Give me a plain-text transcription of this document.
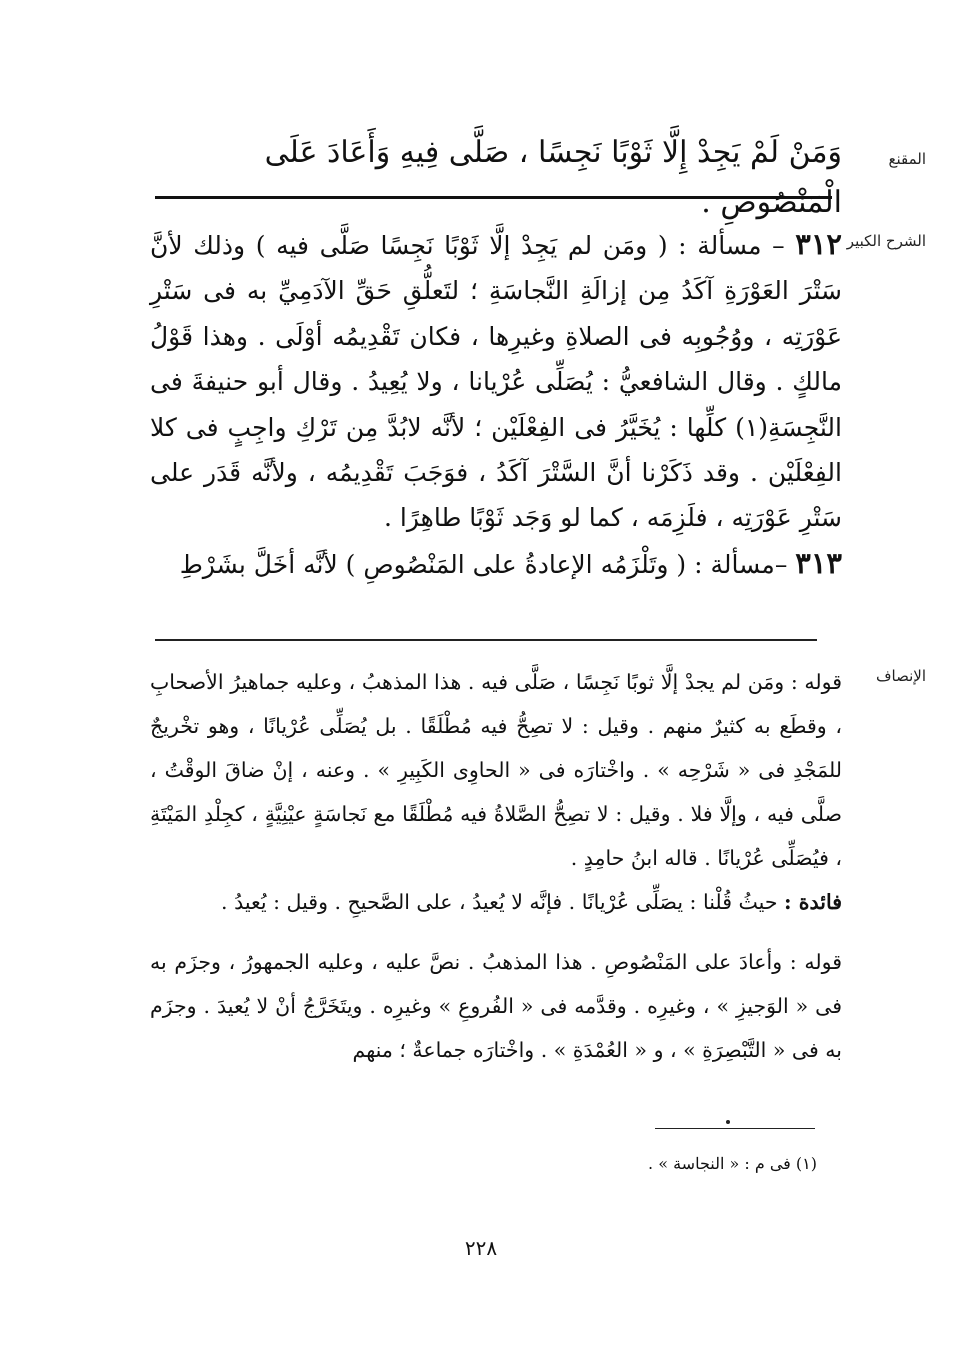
المقنع
وَمَنْ لَمْ يَجِدْ إِلَّا ثَوْبًا نَجِسًا ، صَلَّى فِيهِ وَأَعَادَ عَلَى الْمَنْصُوصِ .
الشرح الكبير
٣١٢ – مسألة : ( ومَن لم يَجِدْ إلَّا ثَوْبًا نَجِسًا صَلَّى فيه ) وذلك لأنَّ سَتْرَ العَوْرَةِ آكَدُ مِن إزالَةِ النَّجاسَةِ ؛ لتَعلُّقِ حَقِّ الآدَمِيِّ به فى سَتْرِ عَوْرَتِه ، ووُجُوبِه فى الصلاةِ وغيرِها ، فكان تَقْدِيمُه أوْلَى . وهذا قَوْلُ مالكٍ . وقال الشافعيُّ : يُصَلِّى عُرْيانا ، ولا يُعِيدُ . وقال أبو حنيفةَ فى النَّجِسَةِ(١) كلِّها : يُخَيَّرُ فى الفِعْلَيْن ؛ لأنَّه لابُدَّ مِن تَرْكِ واجِبٍ فى كلا الفِعْلَيْن . وقد ذَكَرْنا أنَّ السَّتْرَ آكَدُ ، فوَجَبَ تَقْدِيمُه ، ولأنَّه قَدَر على سَتْرِ عَوْرَتِه ، فلَزِمَه ، كما لو وَجَد ثَوْبًا طاهِرًا .
٣١٣ –مسألة : ( وتَلْزَمُه الإعادةُ على المَنْصُوصِ ) لأنَّه أخَلَّ بشَرْطِ
الإنصاف

قوله : ومَن لم يجدْ إلَّا ثوبًا نَجِسًا ، صَلَّى فيه . هذا المذهبُ ، وعليه جماهيرُ الأصحابِ ، وقطَع به كثيرٌ منهم . وقيل : لا تصِحُّ فيه مُطْلَقًا . بل يُصَلِّى عُرْيانًا ، وهو تخْريجٌ للمَجْدِ فى « شَرْحِه » . واخْتارَه فى « الحاوِى الكَبِيرِ » . وعنه ، إنْ ضاقَ الوقْتُ ، صلَّى فيه ، وإلَّا فلا . وقيل : لا تصِحُّ الصَّلاةُ فيه مُطْلَقًا مع نَجاسَةٍ عيْنِيَّةٍ ، كجِلْدِ المَيْتَةِ ، فيُصَلِّى عُرْيانًا . قاله ابنُ حامِدٍ .

فائدة : حيثُ قُلْنا : يصَلِّى عُرْيانًا . فإنَّه لا يُعيدُ ، على الصَّحيحِ . وقيل : يُعيدُ .

قوله : وأعادَ على المَنْصُوصِ . هذا المذهبُ . نصَّ عليه ، وعليه الجمهورُ ، وجزَم به فى « الوَجيزِ » ، وغيرِه . وقدَّمه فى « الفُروعِ » وغيرِه . ويتَخَرَّجُ أنْ لا يُعيدَ . وجزَم به فى « التَّبْصِرَةِ » ، و « العُمْدَةِ » . واخْتارَه جماعةٌ ؛ منهم

(١) فى م : « النجاسة » .
٢٢٨
